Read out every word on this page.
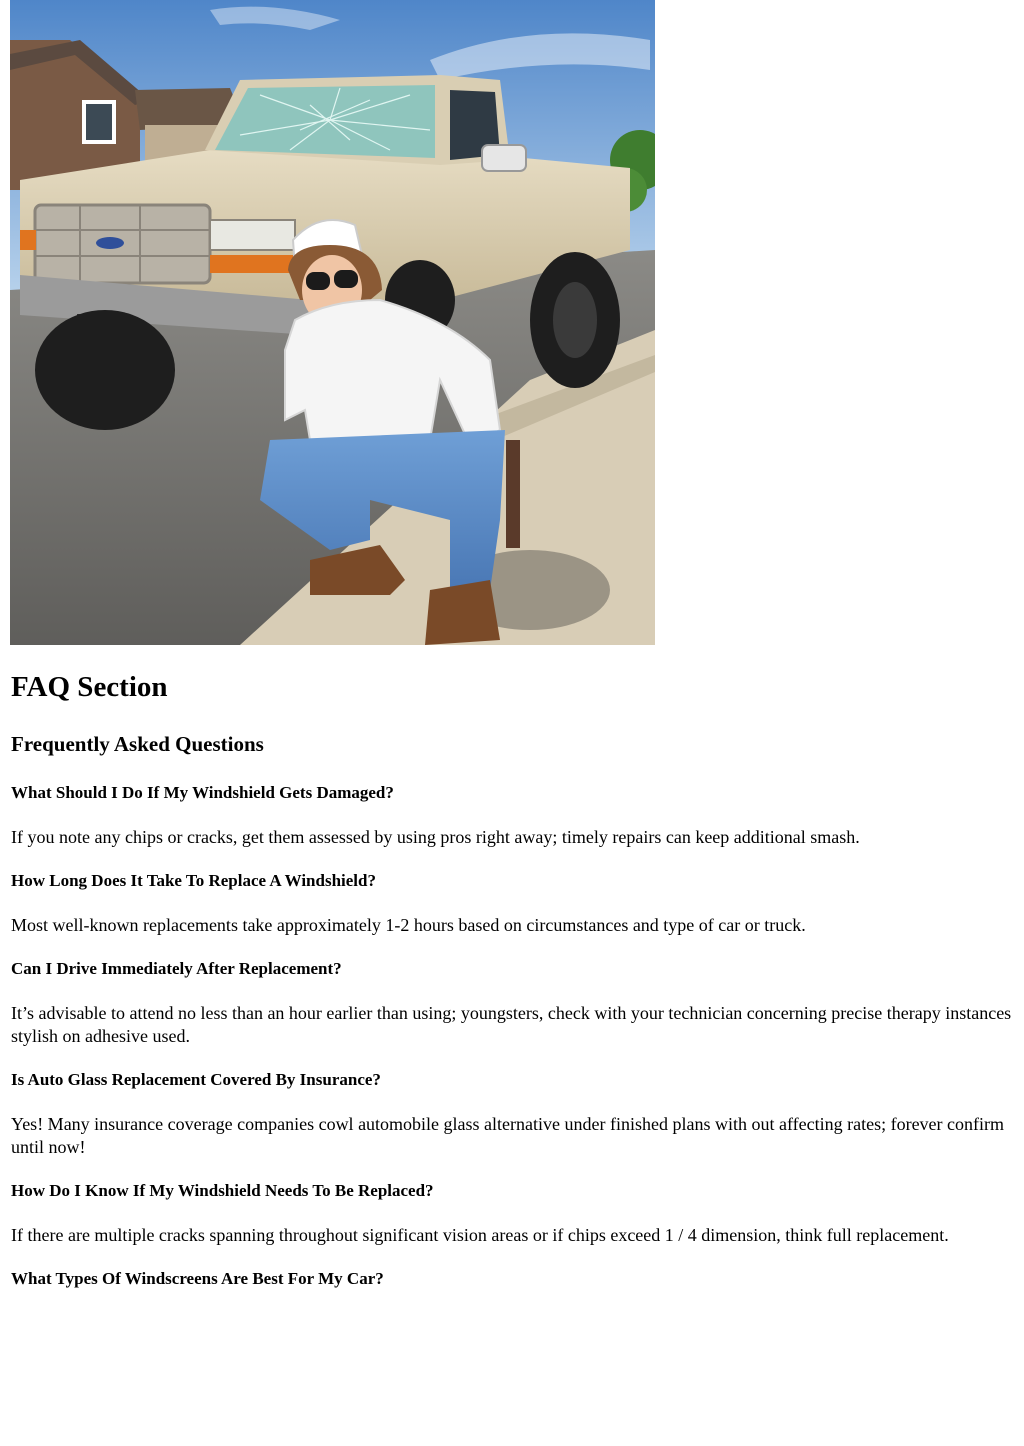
FAQ Section
Frequently Asked Questions
What Should I Do If My Windshield Gets Damaged?

If you note any chips or cracks, get them assessed by using pros right away; timely repairs can keep additional smash.

How Long Does It Take To Replace A Windshield?

Most well-known replacements take approximately 1-2 hours based on circumstances and type of car or truck.

Can I Drive Immediately After Replacement?

It’s advisable to attend no less than an hour earlier than using; youngsters, check with your technician concerning precise therapy instances stylish on adhesive used.

Is Auto Glass Replacement Covered By Insurance?

Yes! Many insurance coverage companies cowl automobile glass alternative under finished plans with out affecting rates; forever confirm until now!

How Do I Know If My Windshield Needs To Be Replaced?

If there are multiple cracks spanning throughout significant vision areas or if chips exceed 1 / 4 dimension, think full replacement.

What Types Of Windscreens Are Best For My Car?
